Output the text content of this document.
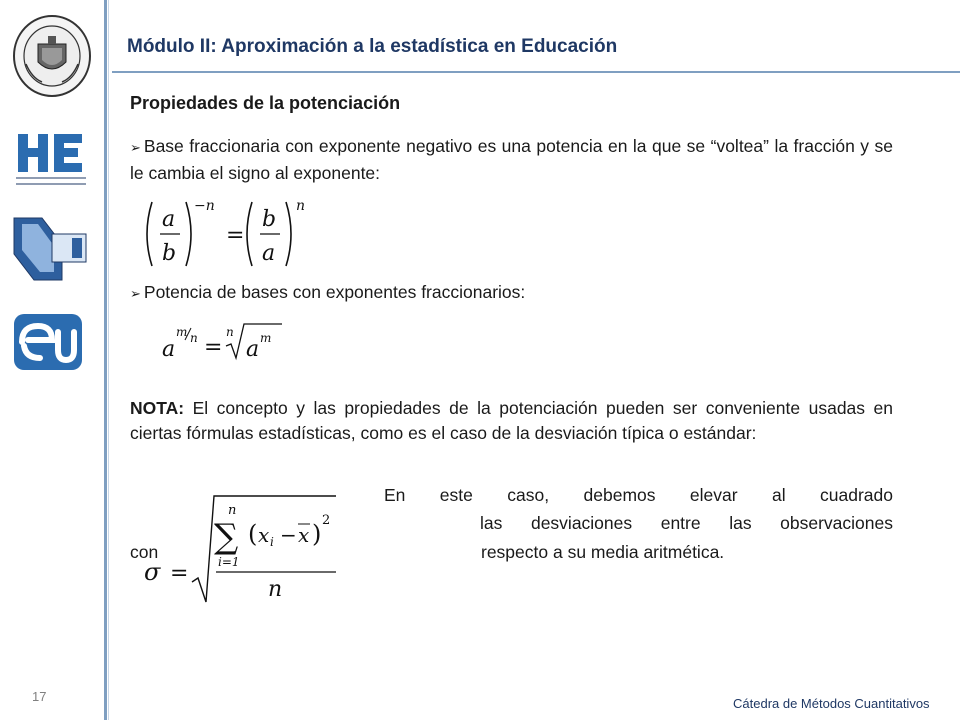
Módulo II: Aproximación a la estadística en Educación
Propiedades de la potenciación
➢ Base fraccionaria con exponente negativo es una potencia en la que se “voltea” la fracción y se le cambia el signo al exponente:
a
b
−n
=
b
a
n
➢ Potencia de bases con exponentes fraccionarios:
a
m n =
n
a m
NOTA: El concepto y las propiedades de la potenciación pueden ser conveniente usadas en ciertas fórmulas estadísticas, como es el caso de la desviación típica o estándar:
En este caso, debemos elevar al cuadrado
las desviaciones entre las observaciones
con	respecto a su media aritmética.
σ =
n
∑
i=1
( x i − x ) 2
n
17	Cátedra de Métodos Cuantitativos
